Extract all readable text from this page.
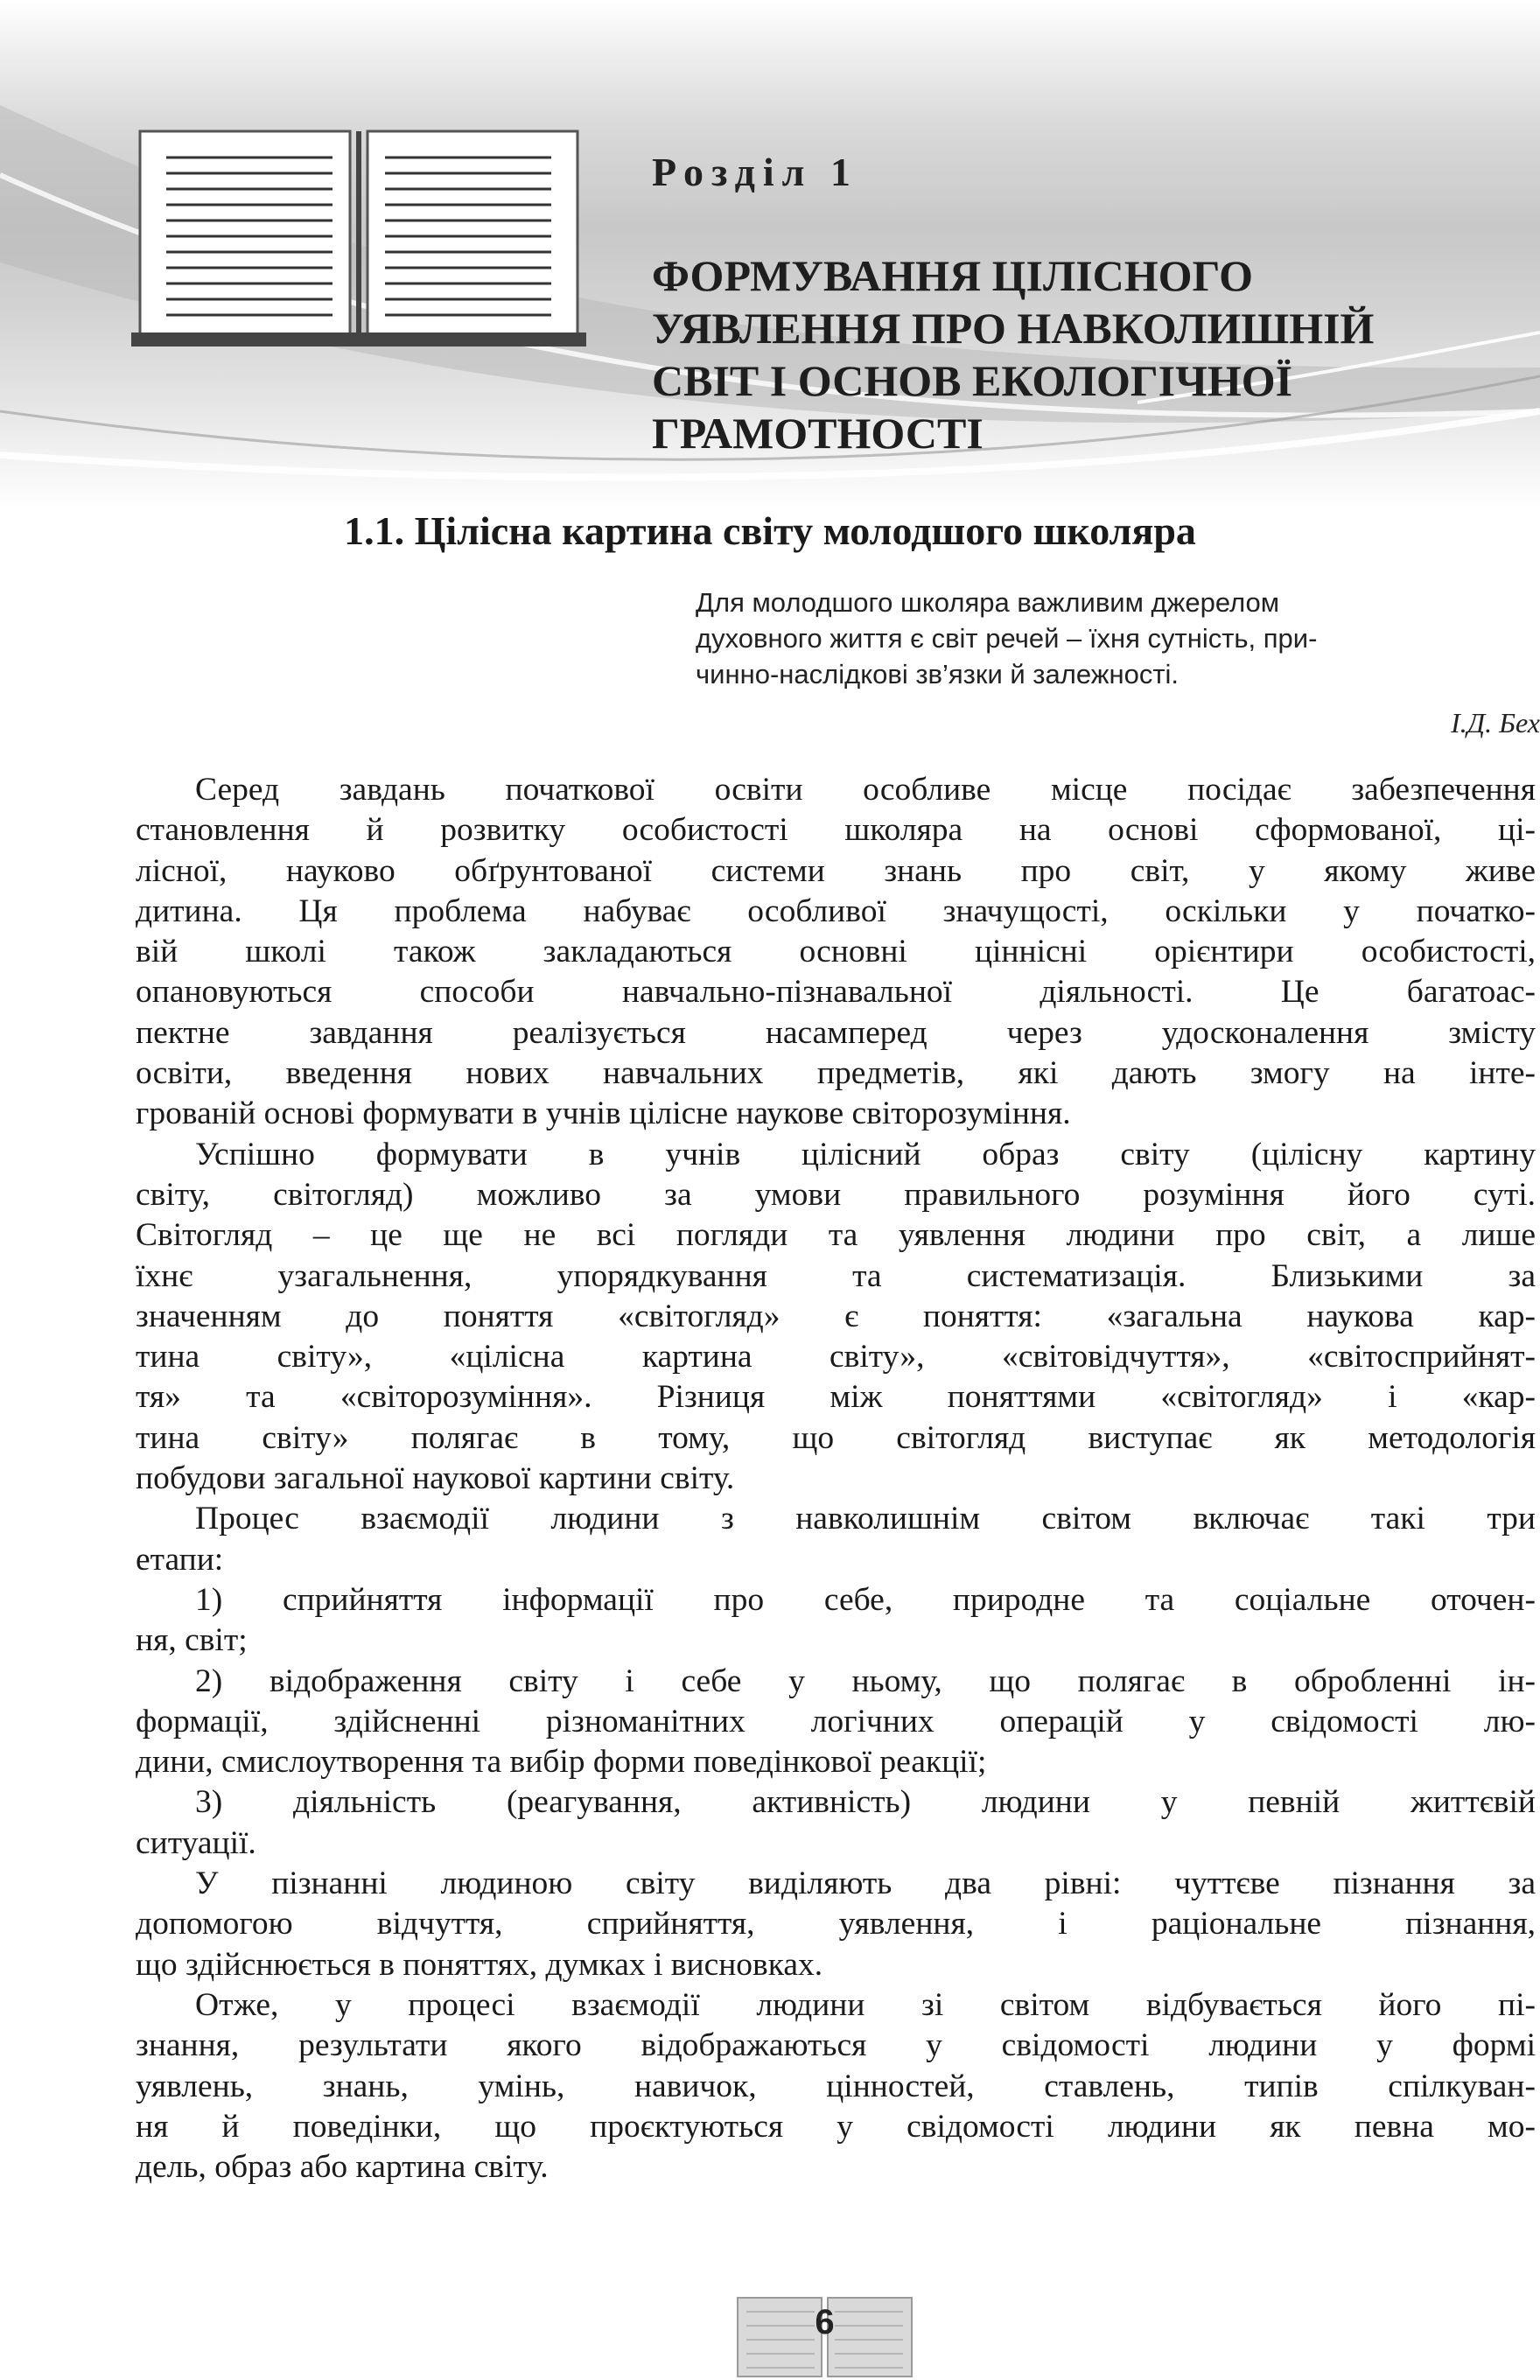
Розділ 1
ФОРМУВАННЯ ЦІЛІСНОГО
УЯВЛЕННЯ ПРО НАВКОЛИШНІЙ
СВІТ І ОСНОВ ЕКОЛОГІЧНОЇ
ГРАМОТНОСТІ
1.1. Цілісна картина світу молодшого школяра
Для молодшого школяра важливим джерелом
духовного життя є світ речей – їхня сутність, при-
чинно-наслідкові зв’язки й залежності.
І.Д. Бех
Серед завдань початкової освіти особливе місце посідає забезпечення
становлення й розвитку особистості школяра на основі сформованої, ці-
лісної, науково обґрунтованої системи знань про світ, у якому живе
дитина. Ця проблема набуває особливої значущості, оскільки у початко-
вій школі також закладаються основні ціннісні орієнтири особистості,
опановуються способи навчально-пізнавальної діяльності. Це багатоас-
пектне завдання реалізується насамперед через удосконалення змісту
освіти, введення нових навчальних предметів, які дають змогу на інте-
грованій основі формувати в учнів цілісне наукове світорозуміння.
Успішно формувати в учнів цілісний образ світу (цілісну картину
світу, світогляд) можливо за умови правильного розуміння його суті.
Світогляд – це ще не всі погляди та уявлення людини про світ, а лише
їхнє узагальнення, упорядкування та систематизація. Близькими за
значенням до поняття «світогляд» є поняття: «загальна наукова кар-
тина світу», «цілісна картина світу», «світовідчуття», «світосприйнят-
тя» та «світорозуміння». Різниця між поняттями «світогляд» і «кар-
тина світу» полягає в тому, що світогляд виступає як методологія
побудови загальної наукової картини світу.
Процес взаємодії людини з навколишнім світом включає такі три
етапи:
1) сприйняття інформації про себе, природне та соціальне оточен-
ня, світ;
2) відображення світу і себе у ньому, що полягає в обробленні ін-
формації, здійсненні різноманітних логічних операцій у свідомості лю-
дини, смислоутворення та вибір форми поведінкової реакції;
3) діяльність (реагування, активність) людини у певній життєвій
ситуації.
У пізнанні людиною світу виділяють два рівні: чуттєве пізнання за
допомогою відчуття, сприйняття, уявлення, і раціональне пізнання,
що здійснюється в поняттях, думках і висновках.
Отже, у процесі взаємодії людини зі світом відбувається його пі-
знання, результати якого відображаються у свідомості людини у формі
уявлень, знань, умінь, навичок, цінностей, ставлень, типів спілкуван-
ня й поведінки, що проєктуються у свідомості людини як певна мо-
дель, образ або картина світу.
6
